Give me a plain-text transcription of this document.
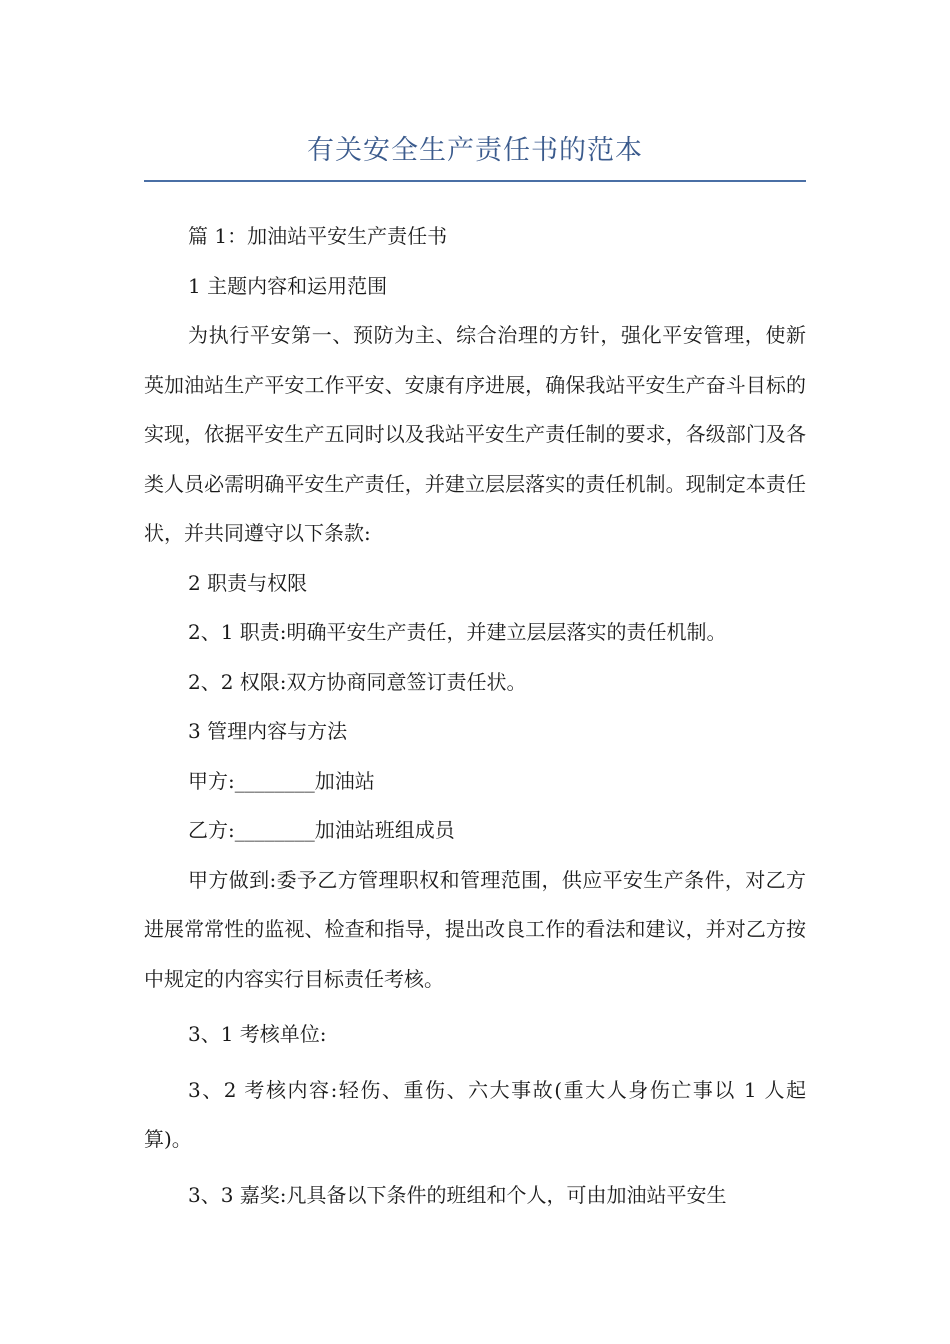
有关安全生产责任书的范本

篇 1：加油站平安生产责任书

1 主题内容和运用范围

为执行平安第一、预防为主、综合治理的方针，强化平安管理，使新英加油站生产平安工作平安、安康有序进展，确保我站平安生产奋斗目标的实现，依据平安生产五同时以及我站平安生产责任制的要求，各级部门及各类人员必需明确平安生产责任，并建立层层落实的责任机制。现制定本责任状，并共同遵守以下条款:

2 职责与权限

2、1 职责:明确平安生产责任，并建立层层落实的责任机制。

2、2 权限:双方协商同意签订责任状。

3 管理内容与方法

甲方:________加油站

乙方:________加油站班组成员

甲方做到:委予乙方管理职权和管理范围，供应平安生产条件，对乙方进展常常性的监视、检查和指导，提出改良工作的看法和建议，并对乙方按中规定的内容实行目标责任考核。

3、1 考核单位:

3、2 考核内容:轻伤、重伤、六大事故(重大人身伤亡事以 1 人起算)。

3、3 嘉奖:凡具备以下条件的班组和个人，可由加油站平安生
